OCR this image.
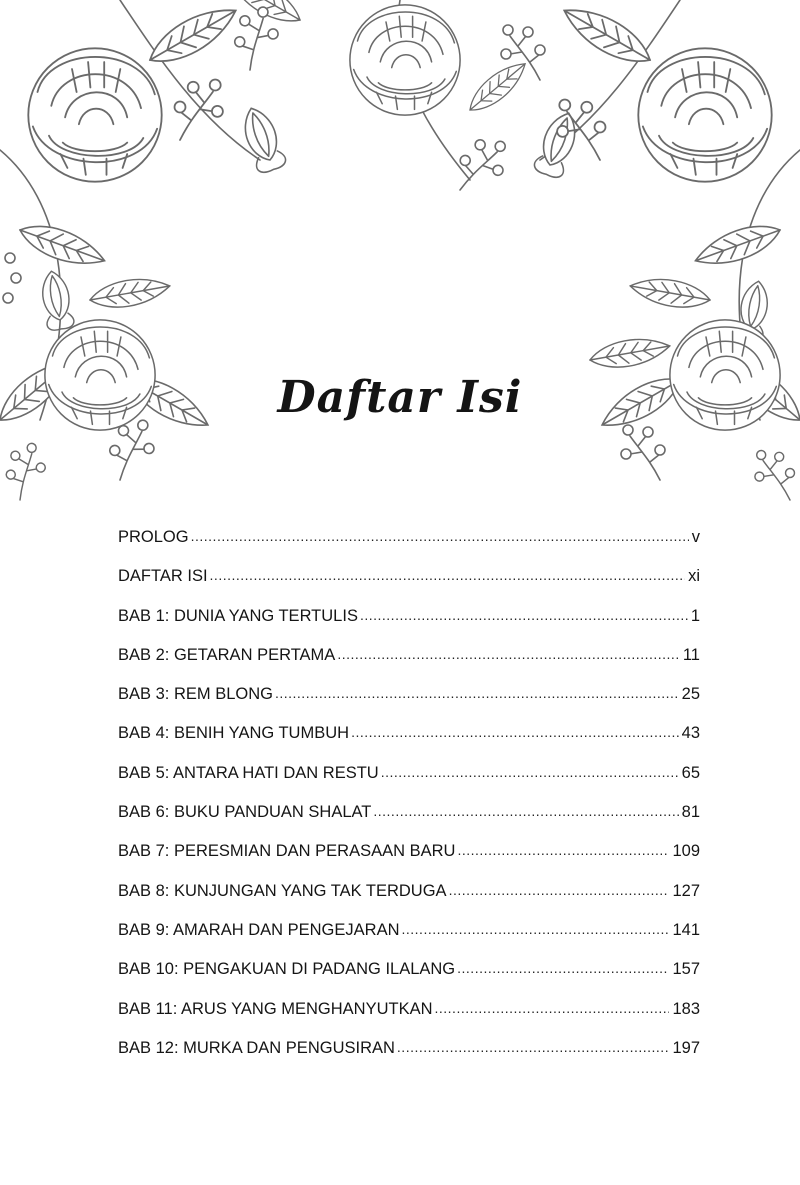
Daftar Isi
PROLOG .....	v
DAFTAR ISI .....	xi
BAB 1: DUNIA YANG TERTULIS .....	1
BAB 2: GETARAN PERTAMA .....	11
BAB 3: REM BLONG .....	25
BAB 4: BENIH YANG TUMBUH .....	43
BAB 5: ANTARA HATI DAN RESTU .....	65
BAB 6: BUKU PANDUAN SHALAT .....	81
BAB 7: PERESMIAN DAN PERASAAN BARU .....	109
BAB 8: KUNJUNGAN YANG TAK TERDUGA .....	127
BAB 9: AMARAH DAN PENGEJARAN .....	141
BAB 10: PENGAKUAN DI PADANG ILALANG .....	157
BAB 11: ARUS YANG MENGHANYUTKAN .....	183
BAB 12: MURKA DAN PENGUSIRAN .....	197
